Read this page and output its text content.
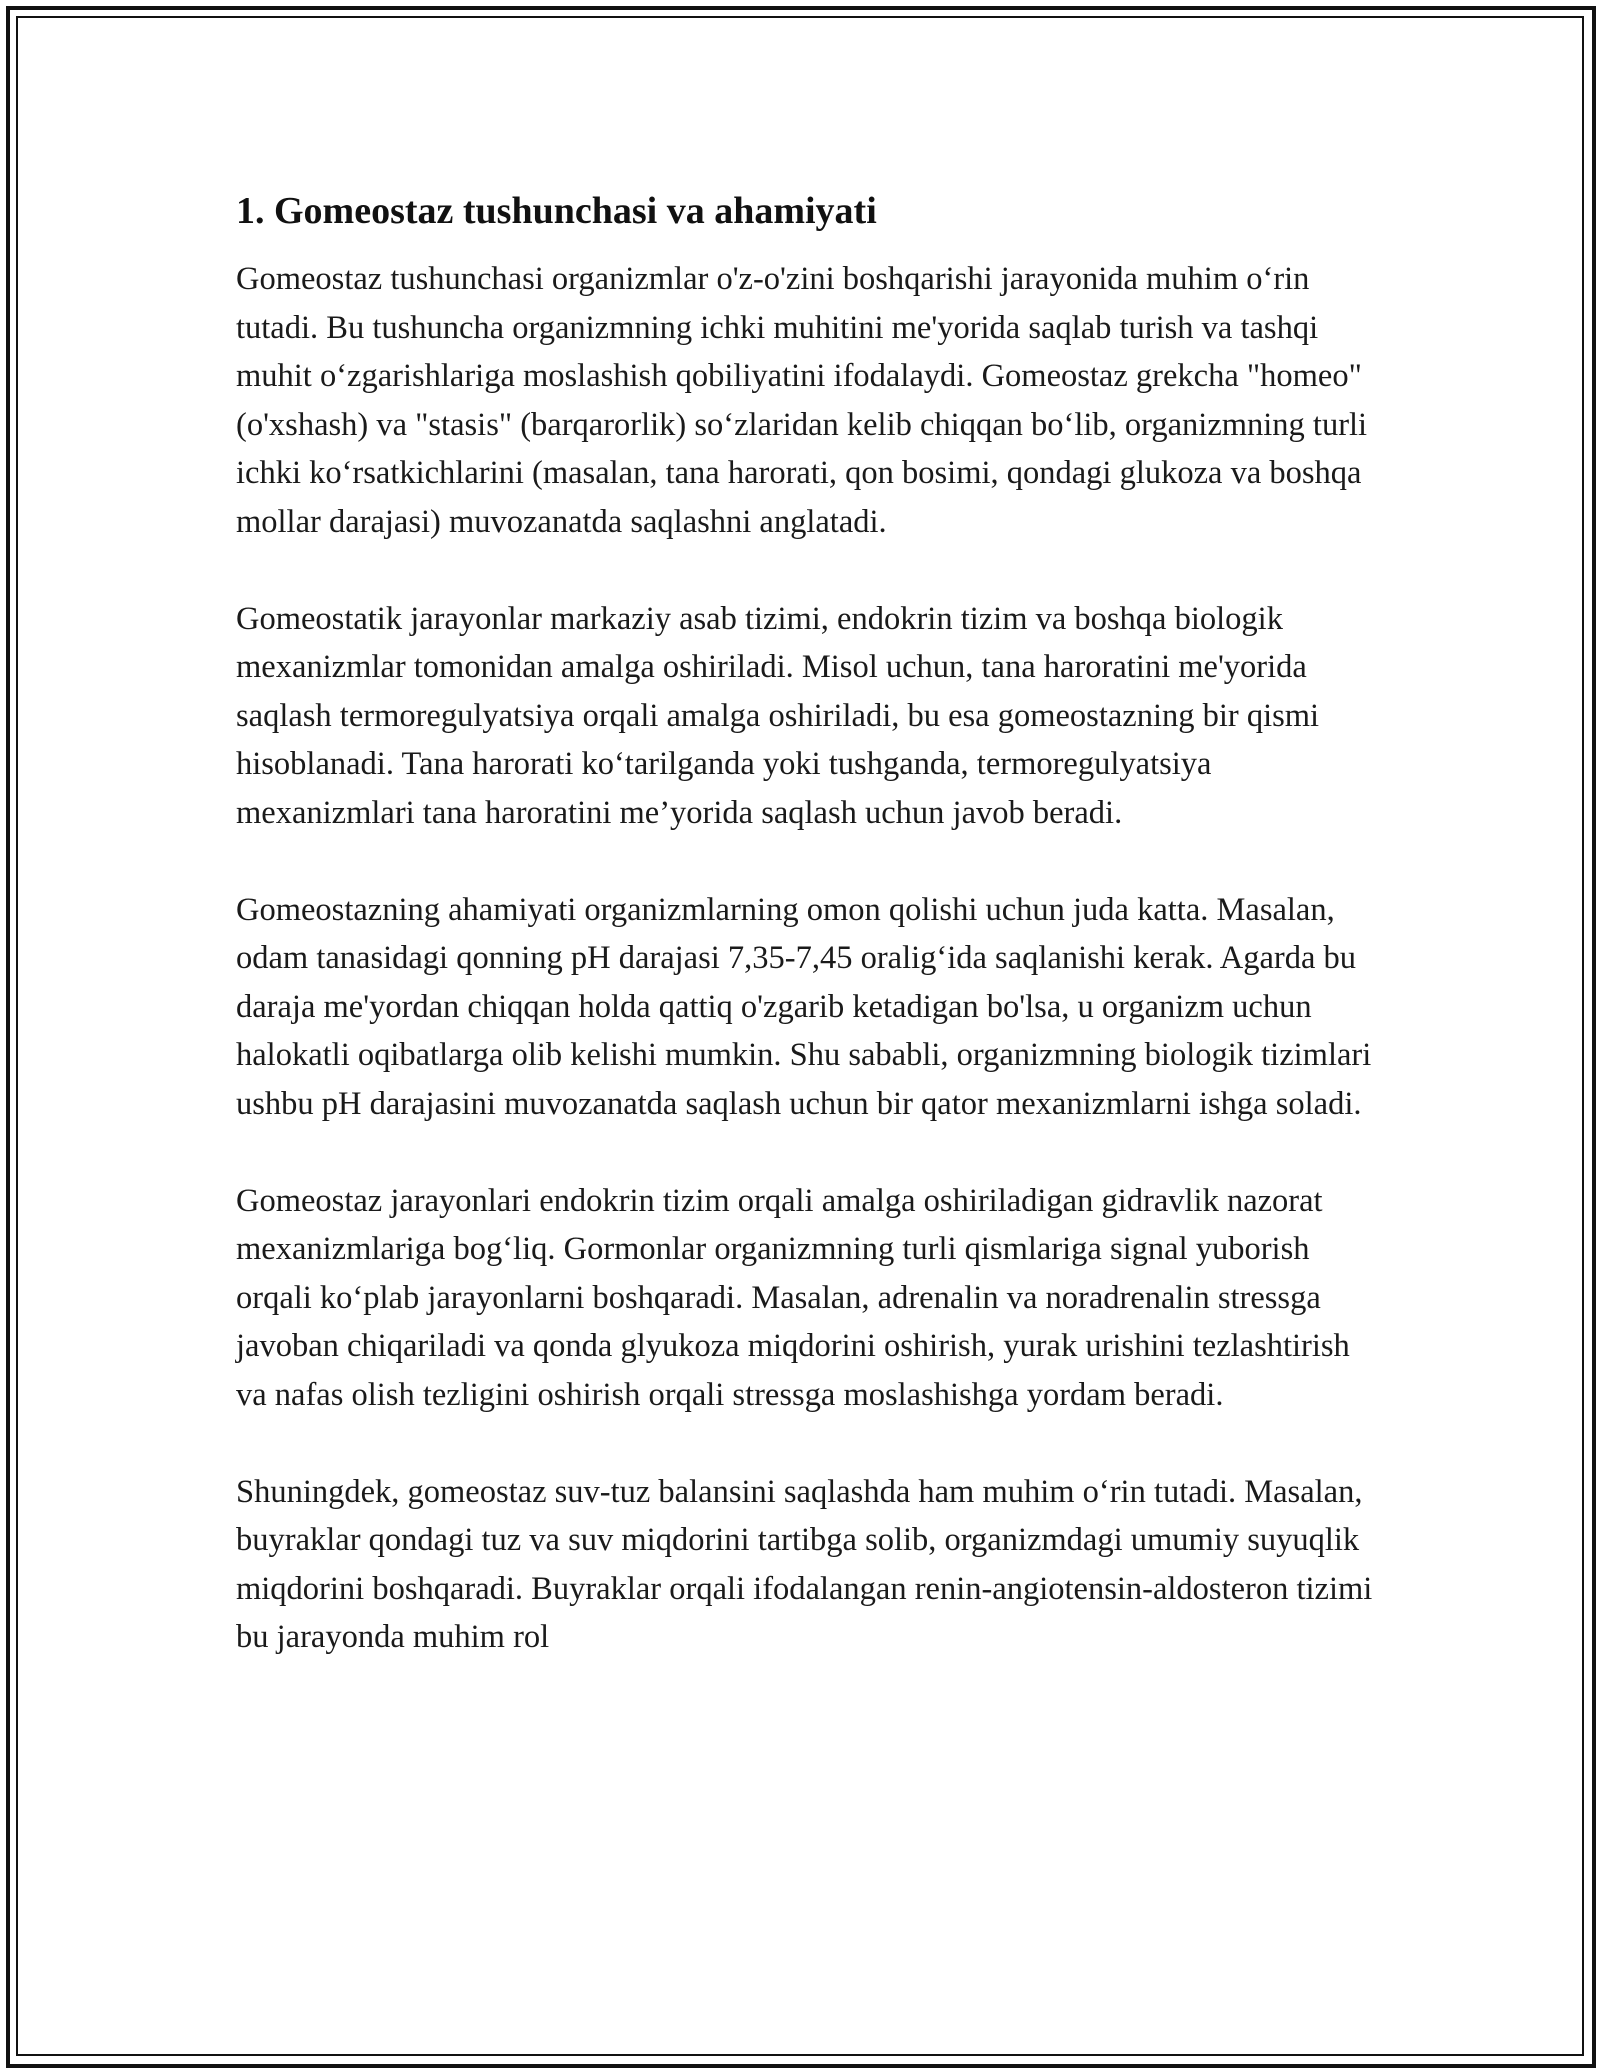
1. Gomeostaz tushunchasi va ahamiyati

Gomeostaz tushunchasi organizmlar o'z-o'zini boshqarishi jarayonida muhim o‘rin tutadi. Bu tushuncha organizmning ichki muhitini me'yorida saqlab turish va tashqi muhit o‘zgarishlariga moslashish qobiliyatini ifodalaydi. Gomeostaz grekcha "homeo" (o'xshash) va "stasis" (barqarorlik) so‘zlaridan kelib chiqqan bo‘lib, organizmning turli ichki ko‘rsatkichlarini (masalan, tana harorati, qon bosimi, qondagi glukoza va boshqa mollar darajasi) muvozanatda saqlashni anglatadi.

Gomeostatik jarayonlar markaziy asab tizimi, endokrin tizim va boshqa biologik mexanizmlar tomonidan amalga oshiriladi. Misol uchun, tana haroratini me'yorida saqlash termoregulyatsiya orqali amalga oshiriladi, bu esa gomeostazning bir qismi hisoblanadi. Tana harorati ko‘tarilganda yoki tushganda, termoregulyatsiya mexanizmlari tana haroratini me’yorida saqlash uchun javob beradi.

Gomeostazning ahamiyati organizmlarning omon qolishi uchun juda katta. Masalan, odam tanasidagi qonning pH darajasi 7,35-7,45 oralig‘ida saqlanishi kerak. Agarda bu daraja me'yordan chiqqan holda qattiq o'zgarib ketadigan bo'lsa, u organizm uchun halokatli oqibatlarga olib kelishi mumkin. Shu sababli, organizmning biologik tizimlari ushbu pH darajasini muvozanatda saqlash uchun bir qator mexanizmlarni ishga soladi.

Gomeostaz jarayonlari endokrin tizim orqali amalga oshiriladigan gidravlik nazorat mexanizmlariga bog‘liq. Gormonlar organizmning turli qismlariga signal yuborish orqali ko‘plab jarayonlarni boshqaradi. Masalan, adrenalin va noradrenalin stressga javoban chiqariladi va qonda glyukoza miqdorini oshirish, yurak urishini tezlashtirish va nafas olish tezligini oshirish orqali stressga moslashishga yordam beradi.

Shuningdek, gomeostaz suv-tuz balansini saqlashda ham muhim o‘rin tutadi. Masalan, buyraklar qondagi tuz va suv miqdorini tartibga solib, organizmdagi umumiy suyuqlik miqdorini boshqaradi. Buyraklar orqali ifodalangan renin-angiotensin-aldosteron tizimi bu jarayonda muhim rol
